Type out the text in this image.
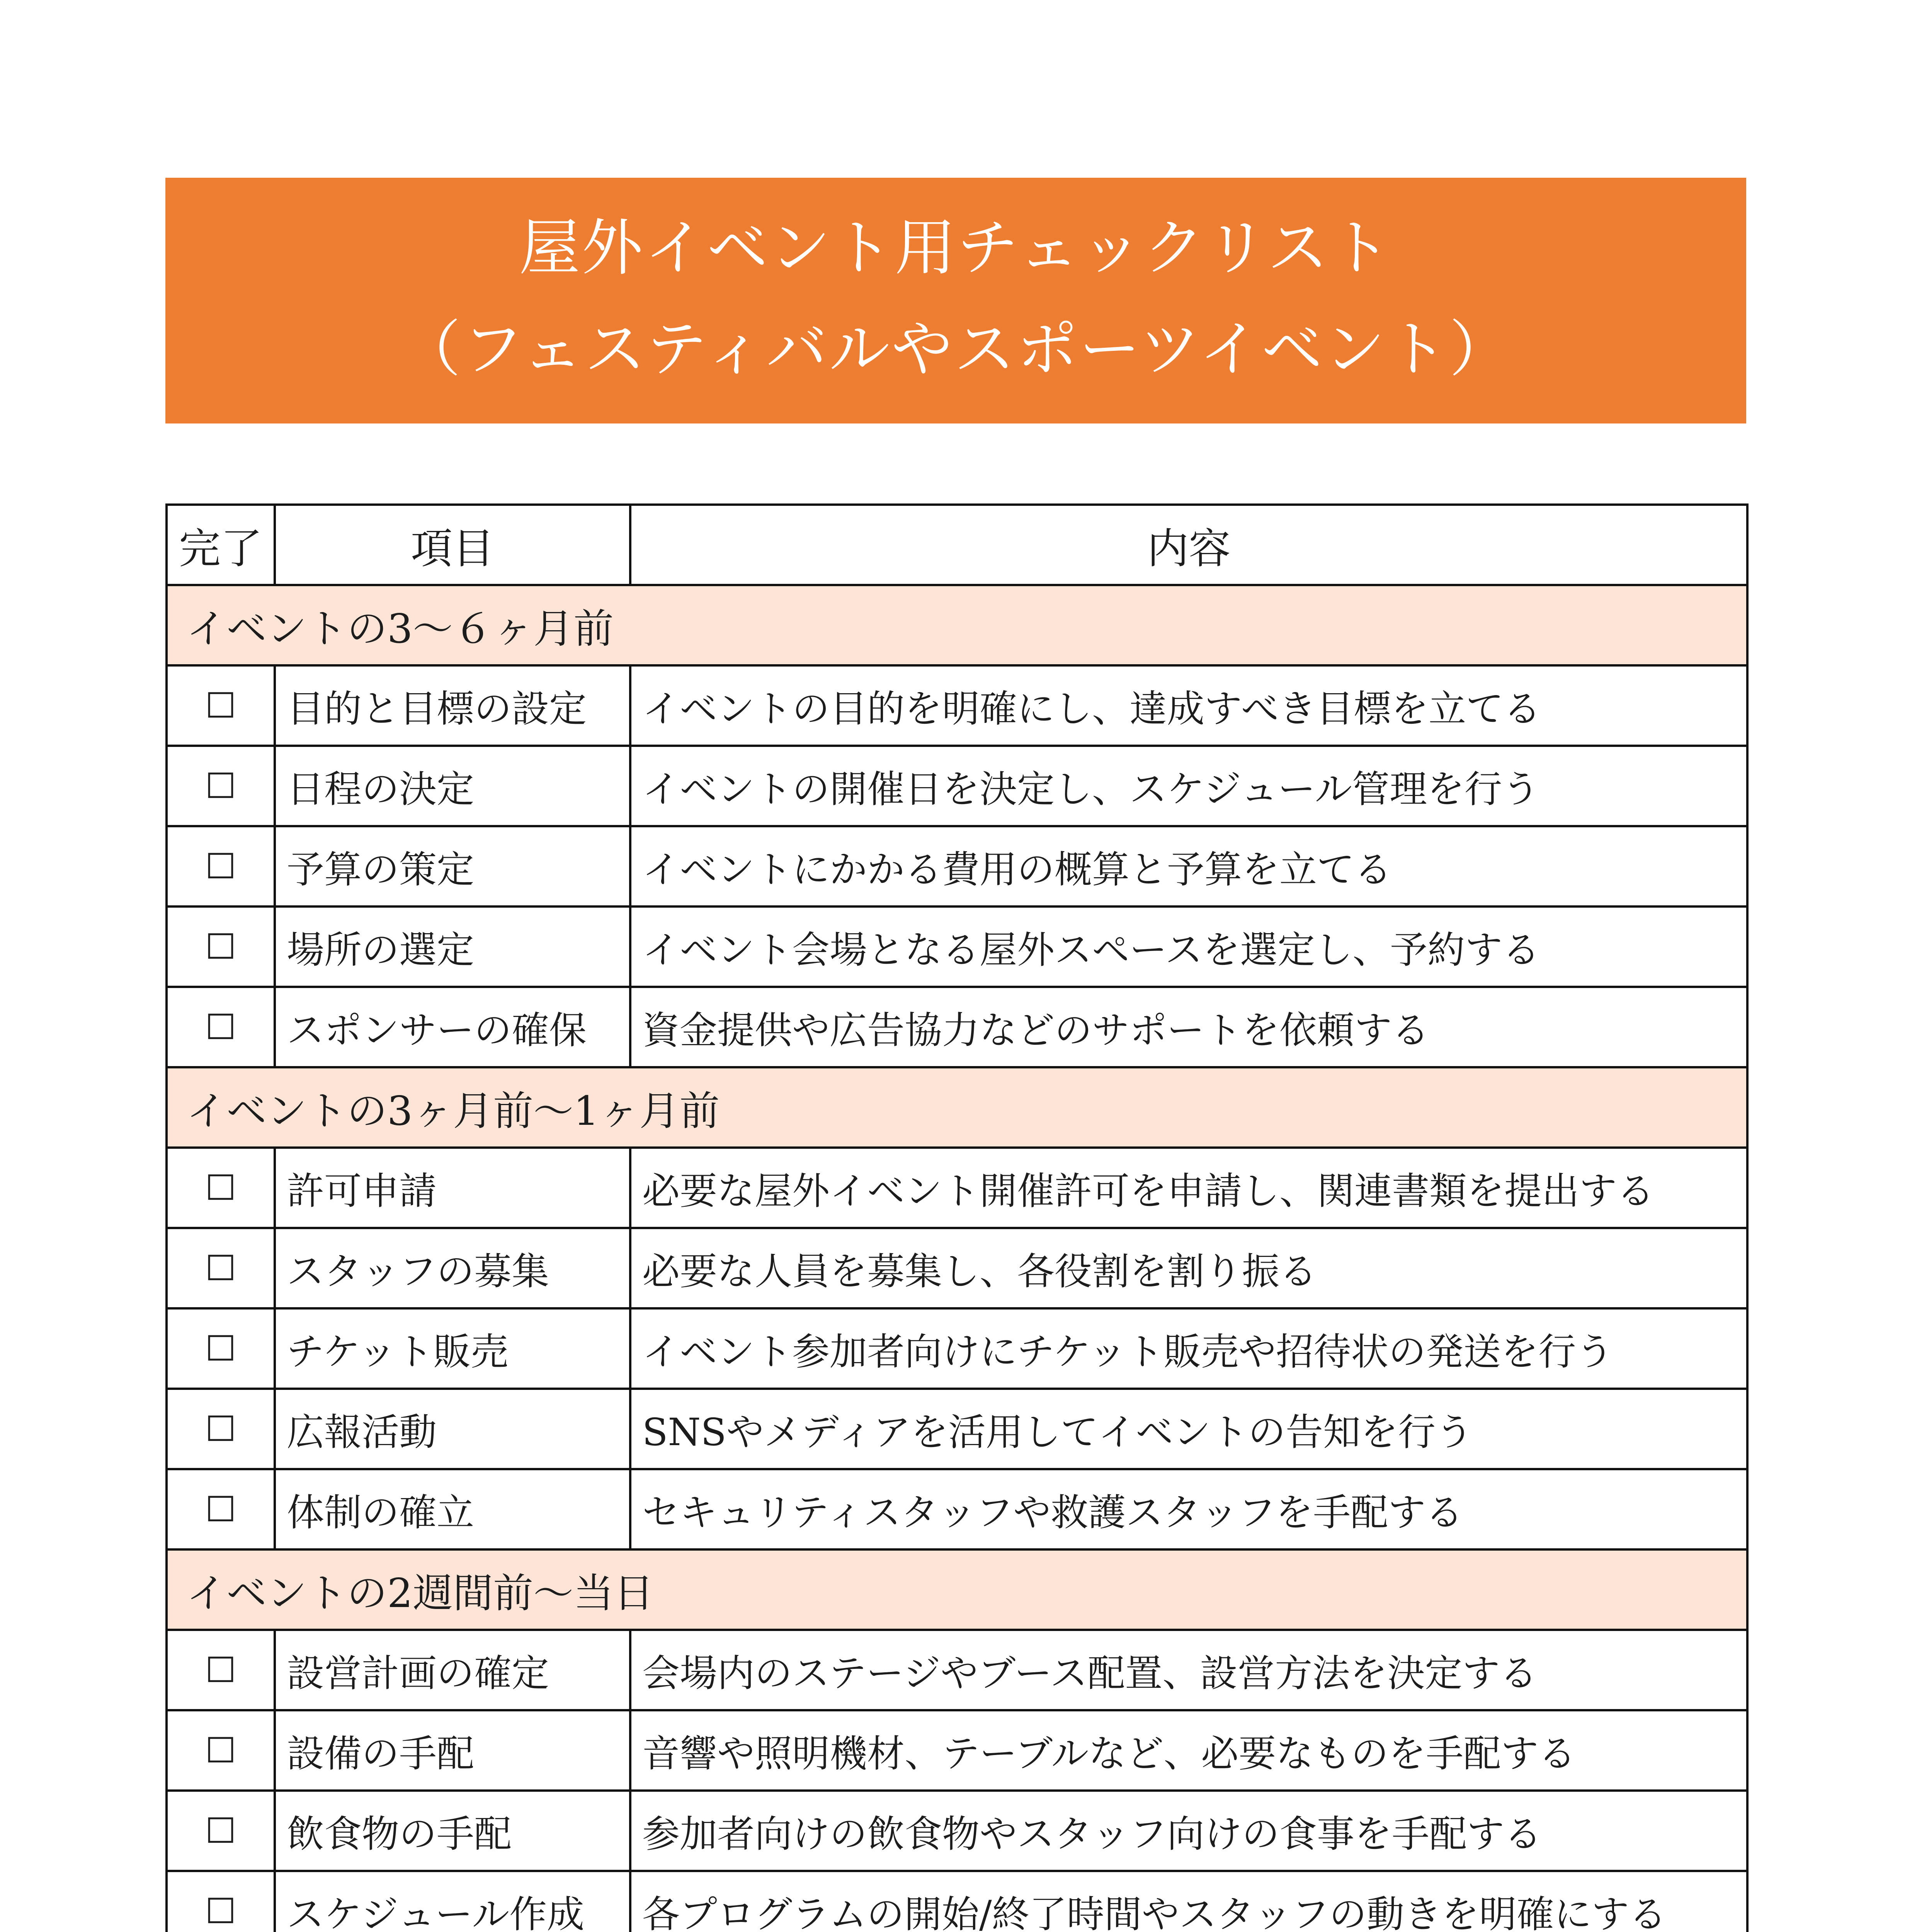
屋外イベント用チェックリスト
（フェスティバルやスポーツイベント）
完了	項目	内容
イベントの3～６ヶ月前		
☐	目的と目標の設定	イベントの目的を明確にし、達成すべき目標を立てる
☐	日程の決定	イベントの開催日を決定し、スケジュール管理を行う
☐	予算の策定	イベントにかかる費用の概算と予算を立てる
☐	場所の選定	イベント会場となる屋外スペースを選定し、予約する
☐	スポンサーの確保	資金提供や広告協力などのサポートを依頼する
イベントの3ヶ月前～1ヶ月前		
☐	許可申請	必要な屋外イベント開催許可を申請し、関連書類を提出する
☐	スタッフの募集	必要な人員を募集し、各役割を割り振る
☐	チケット販売	イベント参加者向けにチケット販売や招待状の発送を行う
☐	広報活動	SNSやメディアを活用してイベントの告知を行う
☐	体制の確立	セキュリティスタッフや救護スタッフを手配する
イベントの2週間前～当日		
☐	設営計画の確定	会場内のステージやブース配置、設営方法を決定する
☐	設備の手配	音響や照明機材、テーブルなど、必要なものを手配する
☐	飲食物の手配	参加者向けの飲食物やスタッフ向けの食事を手配する
☐	スケジュール作成	各プログラムの開始/終了時間やスタッフの動きを明確にする
